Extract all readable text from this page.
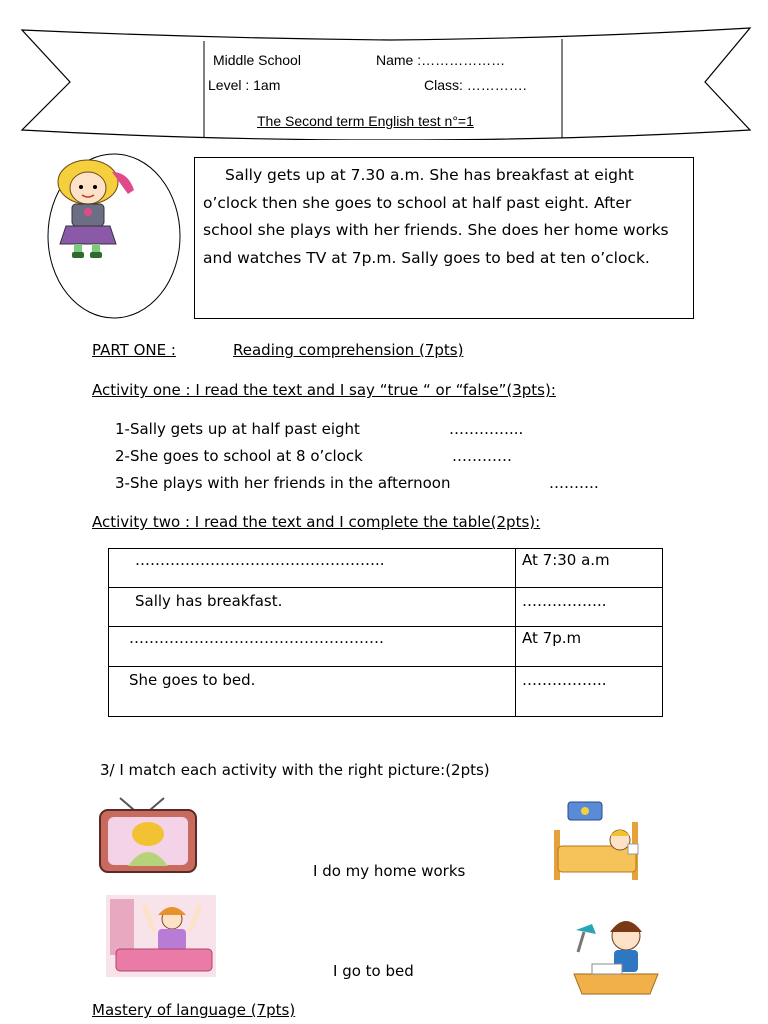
Middle School	Name :………………
Level : 1am	Class: ………….
The Second term English test n°=1
Sally gets up at 7.30 a.m. She has breakfast at eight o’clock then she goes to school at half past eight. After school she plays with her friends. She does her home works and watches TV at 7p.m. Sally goes to bed at ten o’clock.
PART ONE :	Reading comprehension (7pts)
Activity one : I read the text and I say “true “ or “false”(3pts):
1-Sally gets up at half past eight	…………...
2-She goes to school at 8 o’clock	…………
3-She plays with her friends in the afternoon	……….
Activity two : I read the text and I complete the table(2pts):
…………………………………………..	At 7:30 a.m
Sally has breakfast.	……………..
……………………………………………	At 7p.m
She goes to bed.	……………..
3/ I match each activity with the right picture:(2pts)
I do my home works
I go to bed
Mastery of language (7pts)
